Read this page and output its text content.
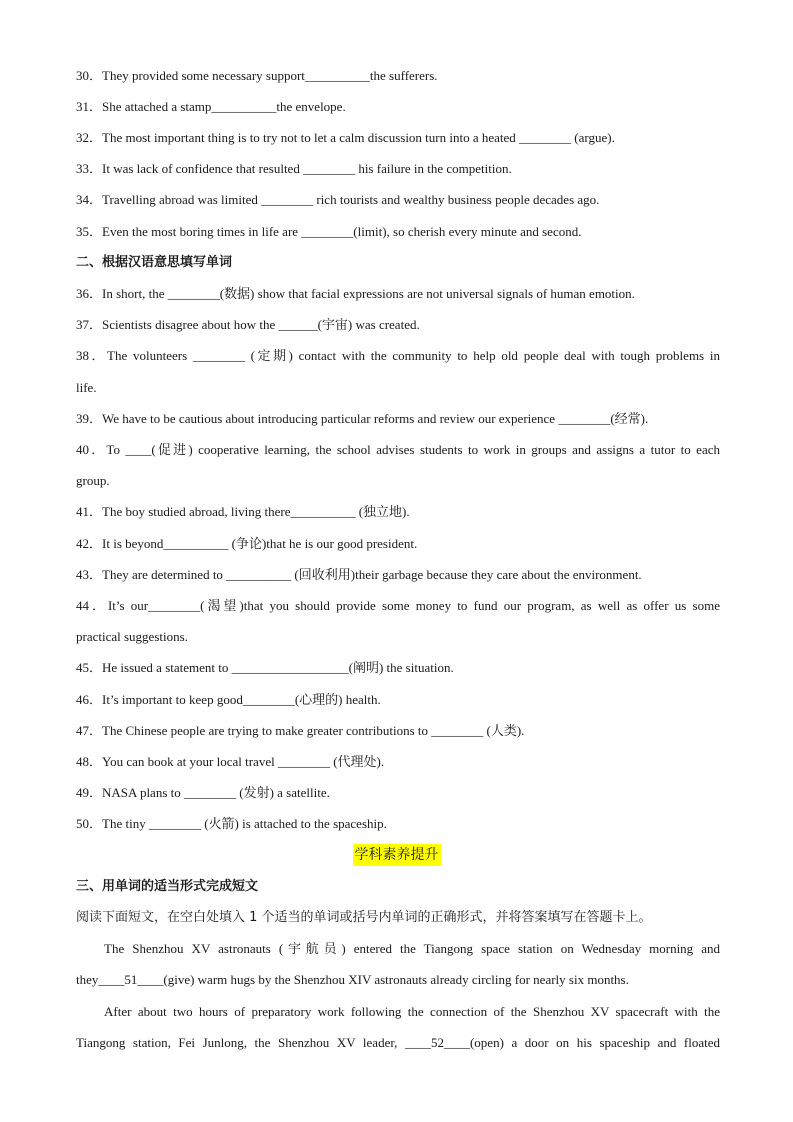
30．They provided some necessary support__________the sufferers.
31．She attached a stamp__________the envelope.
32．The most important thing is to try not to let a calm discussion turn into a heated ________ (argue).
33．It was lack of confidence that resulted ________ his failure in the competition.
34．Travelling abroad was limited ________ rich tourists and wealthy business people decades ago.
35．Even the most boring times in life are ________(limit), so cherish every minute and second.
二、根据汉语意思填写单词
36．In short, the ________(数据) show that facial expressions are not universal signals of human emotion.
37．Scientists disagree about how the ______(宇宙) was created.
38．The volunteers ________ (定期) contact with the community to help old people deal with tough problems in
life.
39．We have to be cautious about introducing particular reforms and review our experience ________(经常).
40．To ____(促进) cooperative learning, the school advises students to work in groups and assigns a tutor to each
group.
41．The boy studied abroad, living there__________ (独立地).
42．It is beyond__________ (争论)that he is our good president.
43．They are determined to __________ (回收利用)their garbage because they care about the environment.
44．It’s our________(渴望)that you should provide some money to fund our program, as well as offer us some
practical suggestions.
45．He issued a statement to __________________(阐明) the situation.
46．It’s important to keep good________(心理的) health.
47．The Chinese people are trying to make greater contributions to ________ (人类).
48．You can book at your local travel ________ (代理处).
49．NASA plans to ________ (发射) a satellite.
50．The tiny ________ (火箭) is attached to the spaceship.
学科素养提升
三、用单词的适当形式完成短文
阅读下面短文，在空白处填入 1 个适当的单词或括号内单词的正确形式，并将答案填写在答题卡上。
The Shenzhou XV astronauts (宇航员) entered the Tiangong space station on Wednesday morning and
they____51____(give) warm hugs by the Shenzhou XIV astronauts already circling for nearly six months.
After about two hours of preparatory work following the connection of the Shenzhou XV spacecraft with the
Tiangong station, Fei Junlong, the Shenzhou XV leader, ____52____(open) a door on his spaceship and floated
